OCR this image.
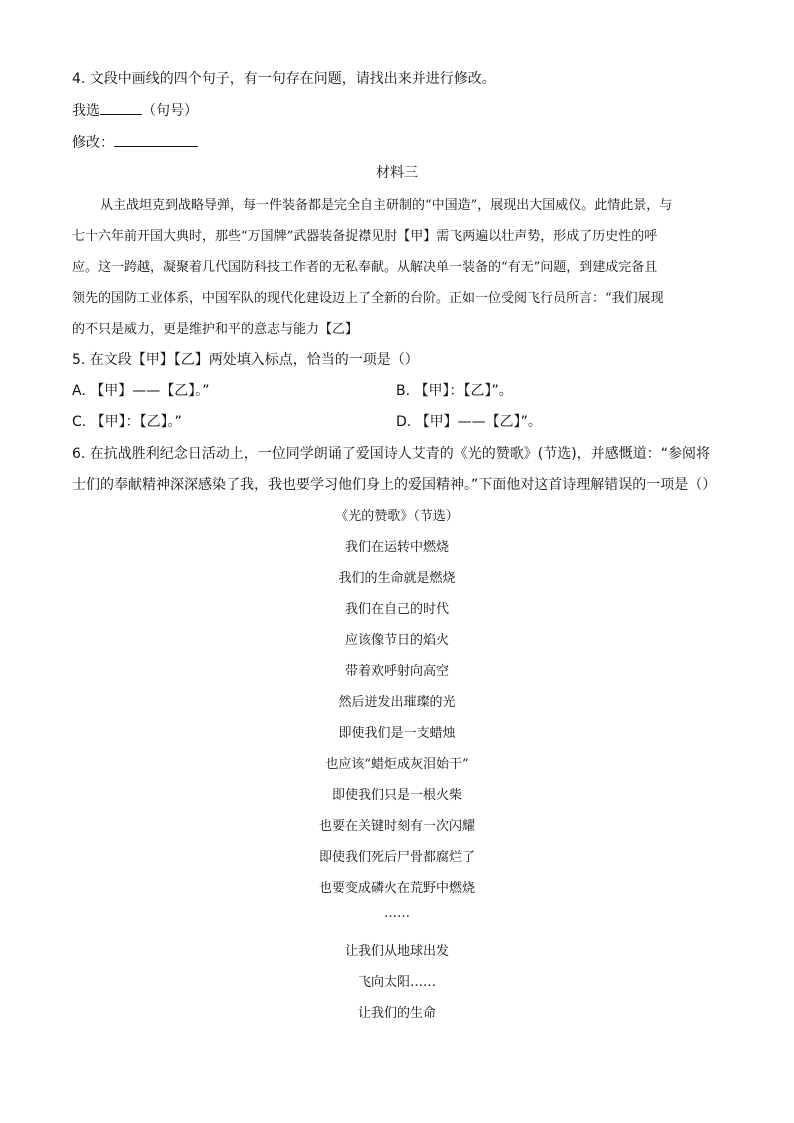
4. 文段中画线的四个句子，有一句存在问题，请找出来并进行修改。
我选	（句号）
修改：
材料三
从主战坦克到战略导弹，每一件装备都是完全自主研制的“中国造”，展现出大国威仪。此情此景，与
七十六年前开国大典时，那些“万国牌”武器装备捉襟见肘【甲】需飞两遍以壮声势，形成了历史性的呼
应。这一跨越，凝聚着几代国防科技工作者的无私奉献。从解决单一装备的“有无”问题，到建成完备且
领先的国防工业体系，中国军队的现代化建设迈上了全新的台阶。正如一位受阅飞行员所言：“我们展现
的不只是威力，更是维护和平的意志与能力【乙】
5. 在文段【甲】【乙】两处填入标点，恰当的一项是（）
A. 【甲】——【乙】。”	B. 【甲】：【乙】”。
C. 【甲】：【乙】。”	D. 【甲】——【乙】”。
6. 在抗战胜利纪念日活动上，一位同学朗诵了爱国诗人艾青的《光的赞歌》(节选)，并感慨道：“参阅将
士们的奉献精神深深感染了我，我也要学习他们身上的爱国精神。”下面他对这首诗理解错误的一项是（）
《光的赞歌》（节选）
我们在运转中燃烧
我们的生命就是燃烧
我们在自己的时代
应该像节日的焰火
带着欢呼射向高空
然后迸发出璀璨的光
即使我们是一支蜡烛
也应该“蜡炬成灰泪始干”
即使我们只是一根火柴
也要在关键时刻有一次闪耀
即使我们死后尸骨都腐烂了
也要变成磷火在荒野中燃烧
……
让我们从地球出发
飞向太阳……
让我们的生命
